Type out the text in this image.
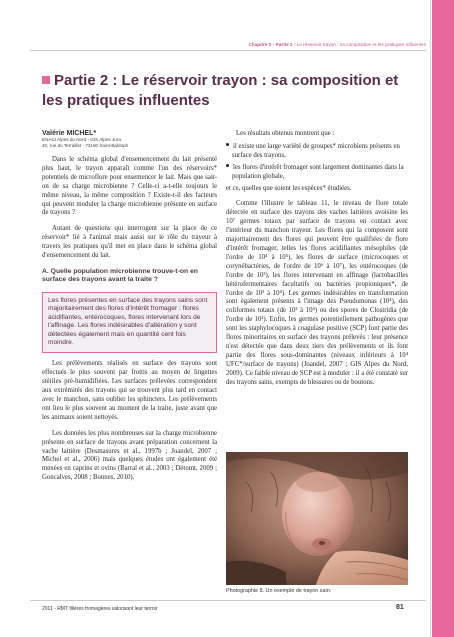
Chapitre 2 - Partie 2 : Le réservoir trayon : sa composition et les pratiques influentes
Partie 2 : Le réservoir trayon : sa composition et les pratiques influentes
Valérie MICHEL*
ENACI Alpes du Nord - GIS Alpes Jura
40, rue du Terraillet - 73190 Saint-Baldoph

Dans le schéma global d'ensemencement du lait présenté plus haut, le trayon apparaît comme l'un des réservoirs* potentiels de microflore pour ensemencer le lait. Mais que sait-on de sa charge microbienne ? Celle-ci a-t-elle toujours le même niveau, la même composition ? Existe-t-il des facteurs qui peuvent moduler la charge microbienne présente en surface de trayons ?

Autant de questions qui interrogent sur la place de ce réservoir* lié à l'animal mais aussi sur le rôle du trayeur à travers les pratiques qu'il met en place dans le schéma global d'ensemencement du lait.

A. Quelle population microbienne trouve-t-on en surface des trayons avant la traite ?

Les flores présentes en surface des trayons sains sont majoritairement des flores d'intérêt fromager : flores acidifiantes, entérocoques, flores intervenant lors de l'affinage. Les flores indésirables d'altération y sont détectées également mais en quantité cent fois moindre.

Les prélèvements réalisés en surface des trayons sont effectués le plus souvent par frottis au moyen de lingettes stériles pré-humidifiées. Les surfaces prélevées correspondent aux extrémités des trayons qui se trouvent plus tard en contact avec le manchon, sans oublier les sphincters. Les prélèvements ont lieu le plus souvent au moment de la traite, juste avant que les animaux soient nettoyés.

Les données les plus nombreuses sur la charge microbienne présente en surface de trayons avant préparation concernent la vache laitière (Desmasures et al., 1997b ; Joandel, 2007 ; Michel et al., 2006) mais quelques études ont également été menées en caprins et ovins (Barral et al., 2003 ; Détomt, 2009 ; Goncalves, 2008 ; Bonnes, 2010).

Les résultats obtenus montrent que :

il existe une large variété de groupes* microbiens présents en surface des trayons,

les flores d'intérêt fromager sont largement dominantes dans la population globale,

et ce, quelles que soient les espèces* étudiées.

Comme l'illustre le tableau 11, le niveau de flore totale détectée en surface des trayons des vaches laitières avoisine les 10⁷ germes totaux par surface de trayons en contact avec l'intérieur du manchon trayeur. Les flores qui la composent sont majoritairement des flores qui peuvent être qualifiées de flore d'intérêt fromager, telles les flores acidifiantes mésophiles (de l'ordre de 10⁴ à 10⁵), les flores de surface (microcoques et corynébactéries, de l'ordre de 10⁶ à 10⁷), les entérocoques (de l'ordre de 10³), les flores intervenant en affinage (lactobacilles hétérofermentaires facultatifs ou bactéries propioniques*, de l'ordre de 10³ à 10⁴). Les germes indésirables en transformation sont également présents à l'image des Pseudomonas (10⁴), des coliformes totaux (de 10² à 10⁴) ou des spores de Clostridia (de l'ordre de 10²). Enfin, les germes potentiellement pathogènes que sont les staphylocoques à coagulase positive (SCP) font partie des flores minoritaires en surface des trayons prélevés : leur présence n'est détectée que dans deux tiers des prélèvements et ils font partie des flores sous-dominantes (niveaux inférieurs à 10⁴ UFC*/surface de trayons) (Joandel, 2007 ; GIS Alpes du Nord, 2009). Ce faible niveau de SCP est à moduler : il a été constaté sur des trayons sains, exempts de blessures ou de boutons.

Photographie 8. Un exemple de trayon sain.
2011 - RMT filières fromagères valorisant leur terroir	81
